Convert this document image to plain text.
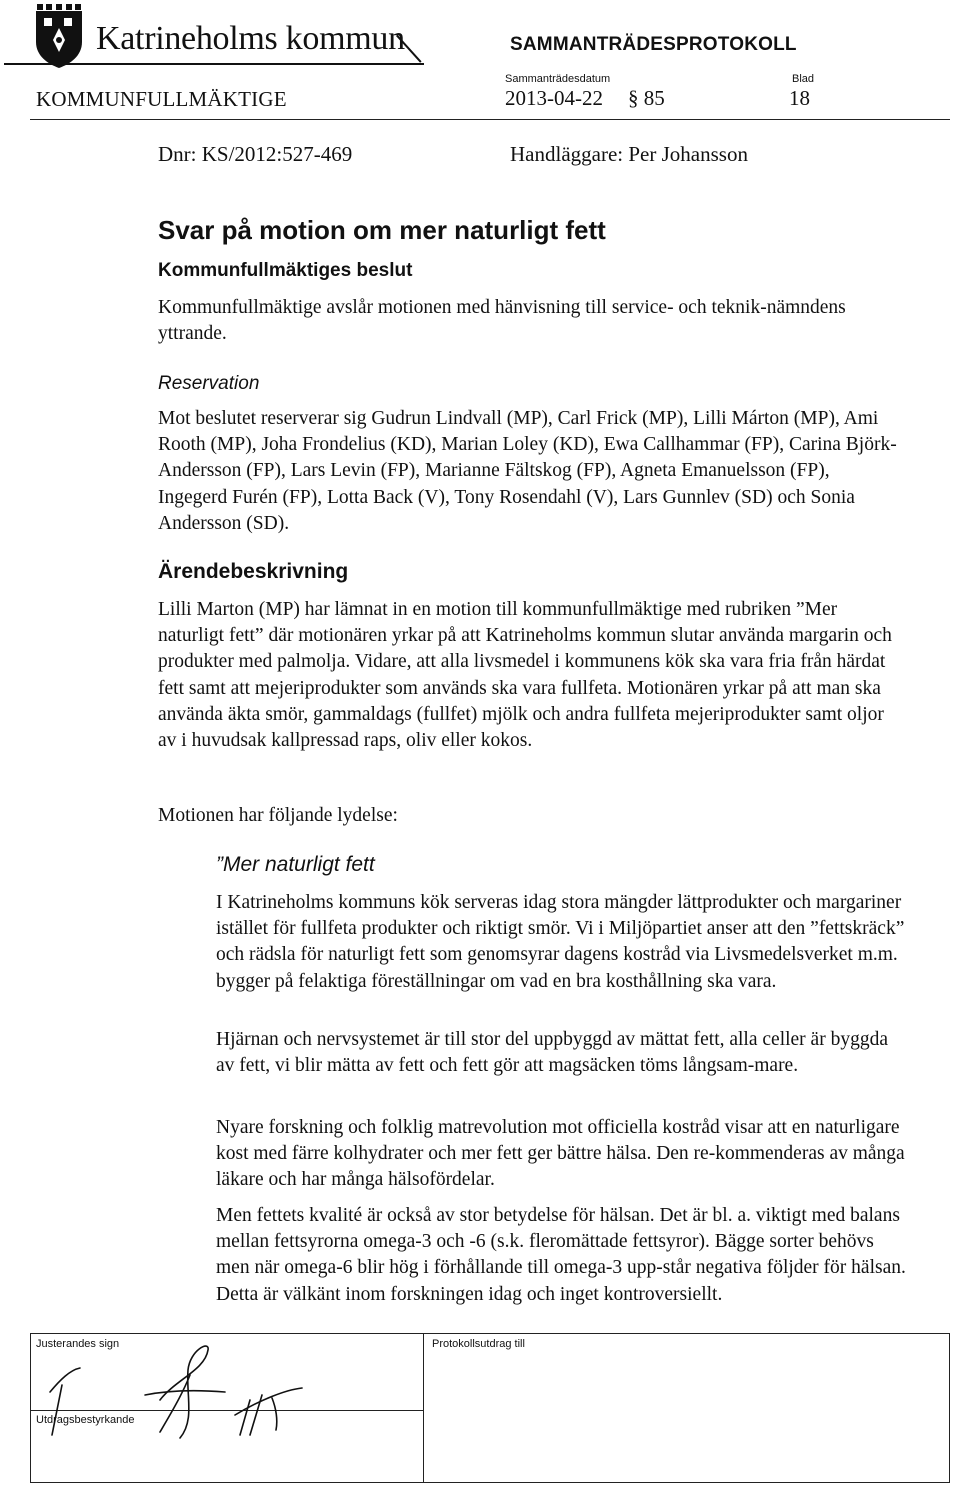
Katrineholms kommun	SAMMANTRÄDESPROTOKOLL
KOMMUNFULLMÄKTIGE
Sammanträdesdatum
2013-04-22 § 85
Blad
18
Dnr: KS/2012:527-469	Handläggare: Per Johansson
Svar på motion om mer naturligt fett
Kommunfullmäktiges beslut

Kommunfullmäktige avslår motionen med hänvisning till service- och teknik-nämndens yttrande.

Reservation

Mot beslutet reserverar sig Gudrun Lindvall (MP), Carl Frick (MP), Lilli Márton (MP), Ami Rooth (MP), Joha Frondelius (KD), Marian Loley (KD), Ewa Callhammar (FP), Carina Björk-Andersson (FP), Lars Levin (FP), Marianne Fältskog (FP), Agneta Emanuelsson (FP), Ingegerd Furén (FP), Lotta Back (V), Tony Rosendahl (V), Lars Gunnlev (SD) och Sonia Andersson (SD).

Ärendebeskrivning

Lilli Marton (MP) har lämnat in en motion till kommunfullmäktige med rubriken ”Mer naturligt fett” där motionären yrkar på att Katrineholms kommun slutar använda margarin och produkter med palmolja. Vidare, att alla livsmedel i kommunens kök ska vara fria från härdat fett samt att mejeriprodukter som används ska vara fullfeta. Motionären yrkar på att man ska använda äkta smör, gammaldags (fullfet) mjölk och andra fullfeta mejeriprodukter samt oljor av i huvudsak kallpressad raps, oliv eller kokos.

Motionen har följande lydelse:

”Mer naturligt fett

I Katrineholms kommuns kök serveras idag stora mängder lättprodukter och margariner istället för fullfeta produkter och riktigt smör. Vi i Miljöpartiet anser att den ”fettskräck” och rädsla för naturligt fett som genomsyrar dagens kostråd via Livsmedelsverket m.m. bygger på felaktiga föreställningar om vad en bra kosthållning ska vara.

Hjärnan och nervsystemet är till stor del uppbyggd av mättat fett, alla celler är byggda av fett, vi blir mätta av fett och fett gör att magsäcken töms långsam-mare.

Nyare forskning och folklig matrevolution mot officiella kostråd visar att en naturligare kost med färre kolhydrater och mer fett ger bättre hälsa. Den re-kommenderas av många läkare och har många hälsofördelar.

Men fettets kvalité är också av stor betydelse för hälsan. Det är bl. a. viktigt med balans mellan fettsyrorna omega-3 och -6 (s.k. fleromättade fettsyror). Bägge sorter behövs men när omega-6 blir hög i förhållande till omega-3 upp-står negativa följder för hälsan. Detta är välkänt inom forskningen idag och inget kontroversiellt.

Justerandes sign	Protokollsutdrag till
Utdragsbestyrkande
